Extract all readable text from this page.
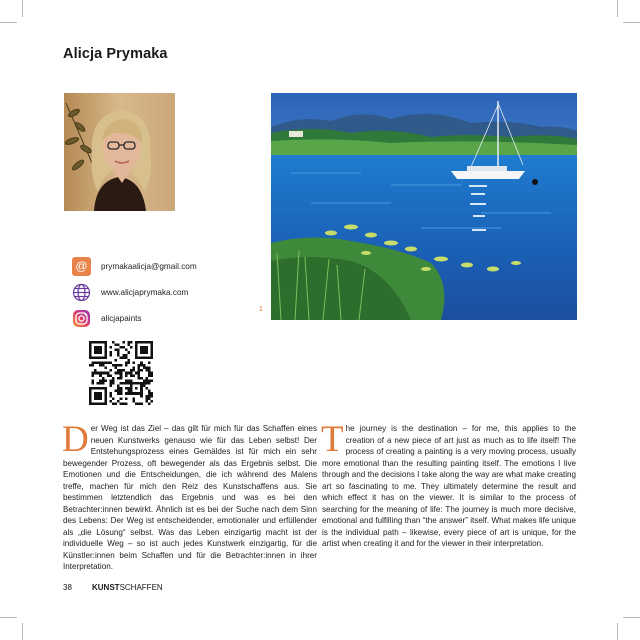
Alicja Prymaka
1
@	prymakaalicja@gmail.com
www.alicjaprymaka.com
alicjapaints
Der Weg ist das Ziel – das gilt für mich für das Schaffen eines neuen Kunstwerks genauso wie für das Leben selbst! Der Entstehungsprozess eines Gemäldes ist für mich ein sehr bewegender Prozess, oft bewegender als das Ergebnis selbst. Die Emotionen und die Entscheidungen, die ich während des Malens treffe, machen für mich den Reiz des Kunstschaffens aus. Sie bestimmen letztendlich das Ergebnis und was es bei den Betrachter:innen bewirkt. Ähnlich ist es bei der Suche nach dem Sinn des Lebens: Der Weg ist entscheidender, emotionaler und erfüllender als „die Lösung“ selbst. Was das Leben einzigartig macht ist der individuelle Weg – so ist auch jedes Kunstwerk einzigartig, für die Künstler:innen beim Schaffen und für die Betrachter:innen in ihrer Interpretation.
The journey is the destination – for me, this applies to the creation of a new piece of art just as much as to life itself! The process of creating a painting is a very moving process, usually more emotional than the resulting painting itself. The emotions I live through and the decisions I take along the way are what make creating art so fascinating to me. They ultimately determine the result and which effect it has on the viewer. It is similar to the process of searching for the meaning of life: The journey is much more decisive, emotional and fulfilling than “the answer” itself. What makes life unique is the individual path – likewise, every piece of art is unique, for the artist when creating it and for the viewer in their interpretation.
38	KUNSTSCHAFFEN
